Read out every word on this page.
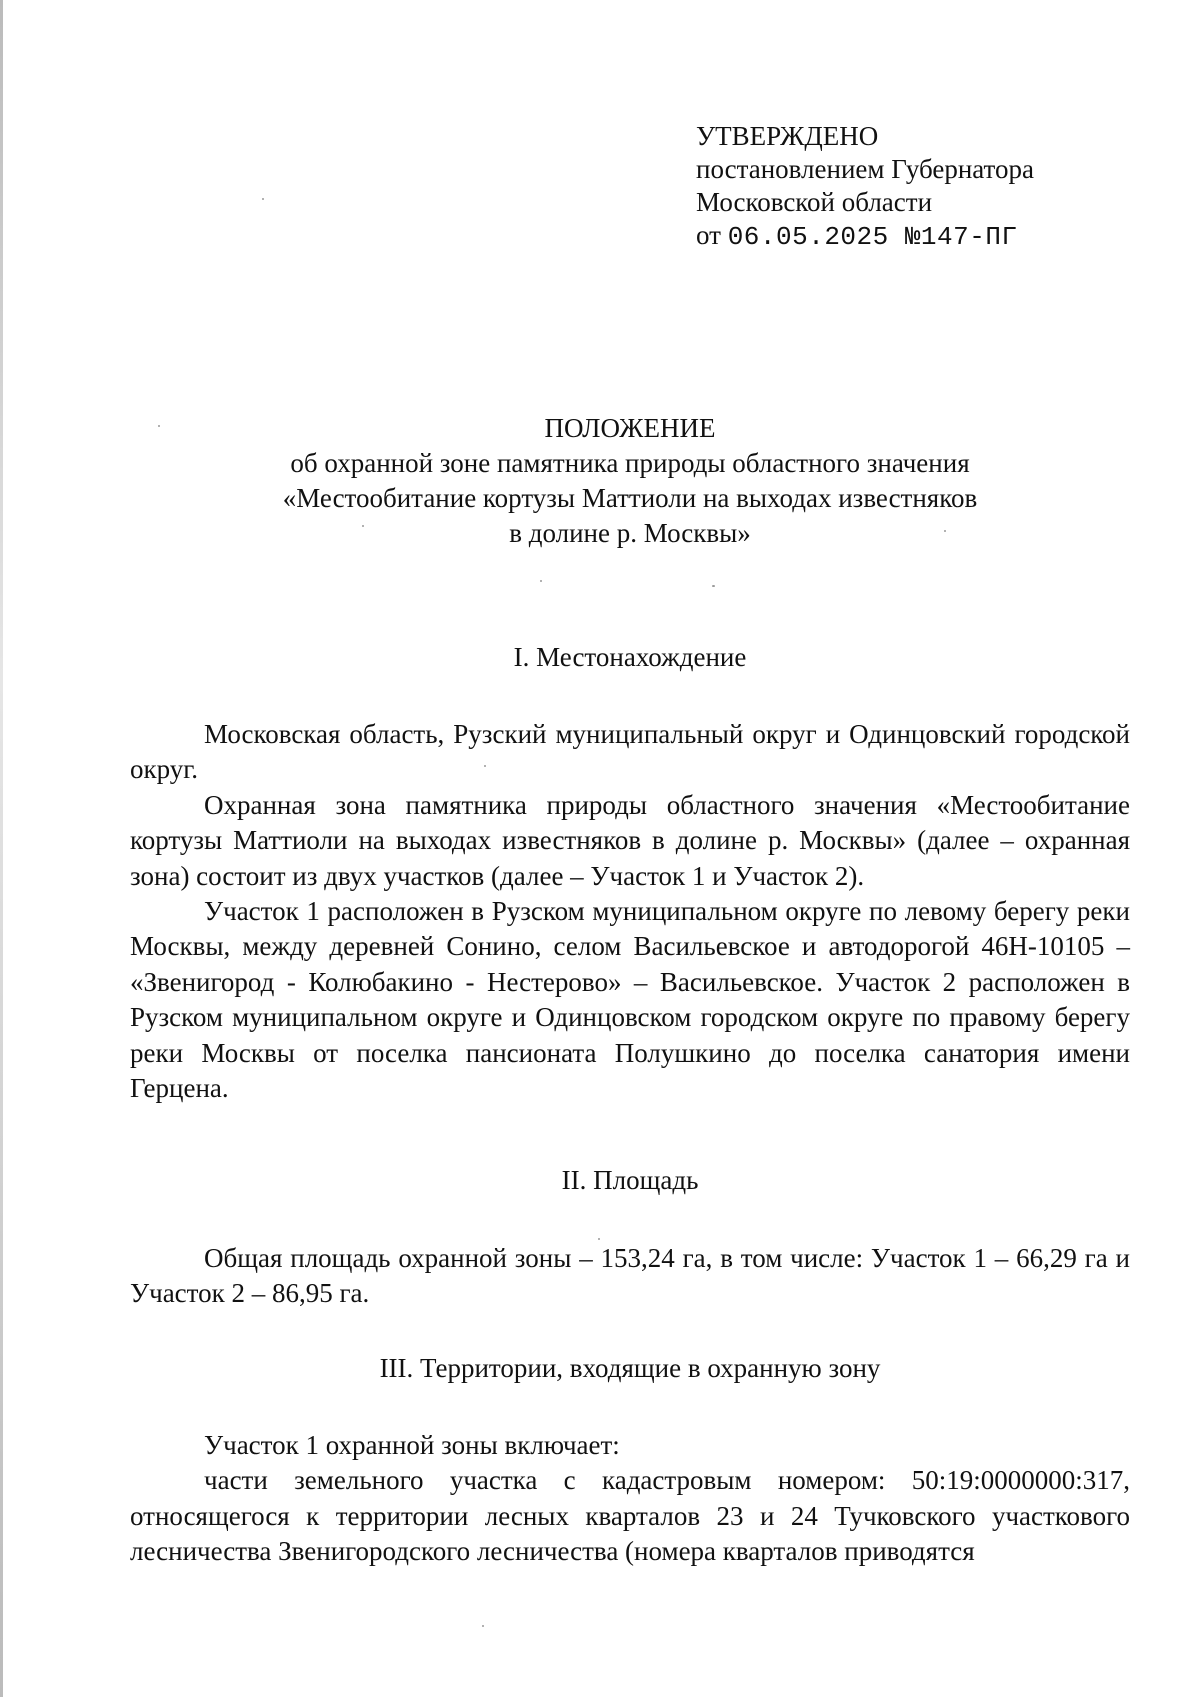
УТВЕРЖДЕНО
постановлением Губернатора
Московской области
от 06.05.2025 №147-ПГ
ПОЛОЖЕНИЕ
об охранной зоне памятника природы областного значения
«Местообитание кортузы Маттиоли на выходах известняков
в долине р. Москвы»
I. Местонахождение

Московская область, Рузский муниципальный округ и Одинцовский городской округ.

Охранная зона памятника природы областного значения «Местообитание кортузы Маттиоли на выходах известняков в долине р. Москвы» (далее – охранная зона) состоит из двух участков (далее – Участок 1 и Участок 2).

Участок 1 расположен в Рузском муниципальном округе по левому берегу реки Москвы, между деревней Сонино, селом Васильевское и автодорогой 46Н-10105 – «Звенигород - Колюбакино - Нестерово» – Васильевское. Участок 2 расположен в Рузском муниципальном округе и Одинцовском городском округе по правому берегу реки Москвы от поселка пансионата Полушкино до поселка санатория имени Герцена.

II. Площадь

Общая площадь охранной зоны – 153,24 га, в том числе: Участок 1 – 66,29 га и Участок 2 – 86,95 га.

III. Территории, входящие в охранную зону

Участок 1 охранной зоны включает:

части земельного участка с кадастровым номером: 50:19:0000000:317, относящегося к территории лесных кварталов 23 и 24 Тучковского участкового лесничества Звенигородского лесничества (номера кварталов приводятся
